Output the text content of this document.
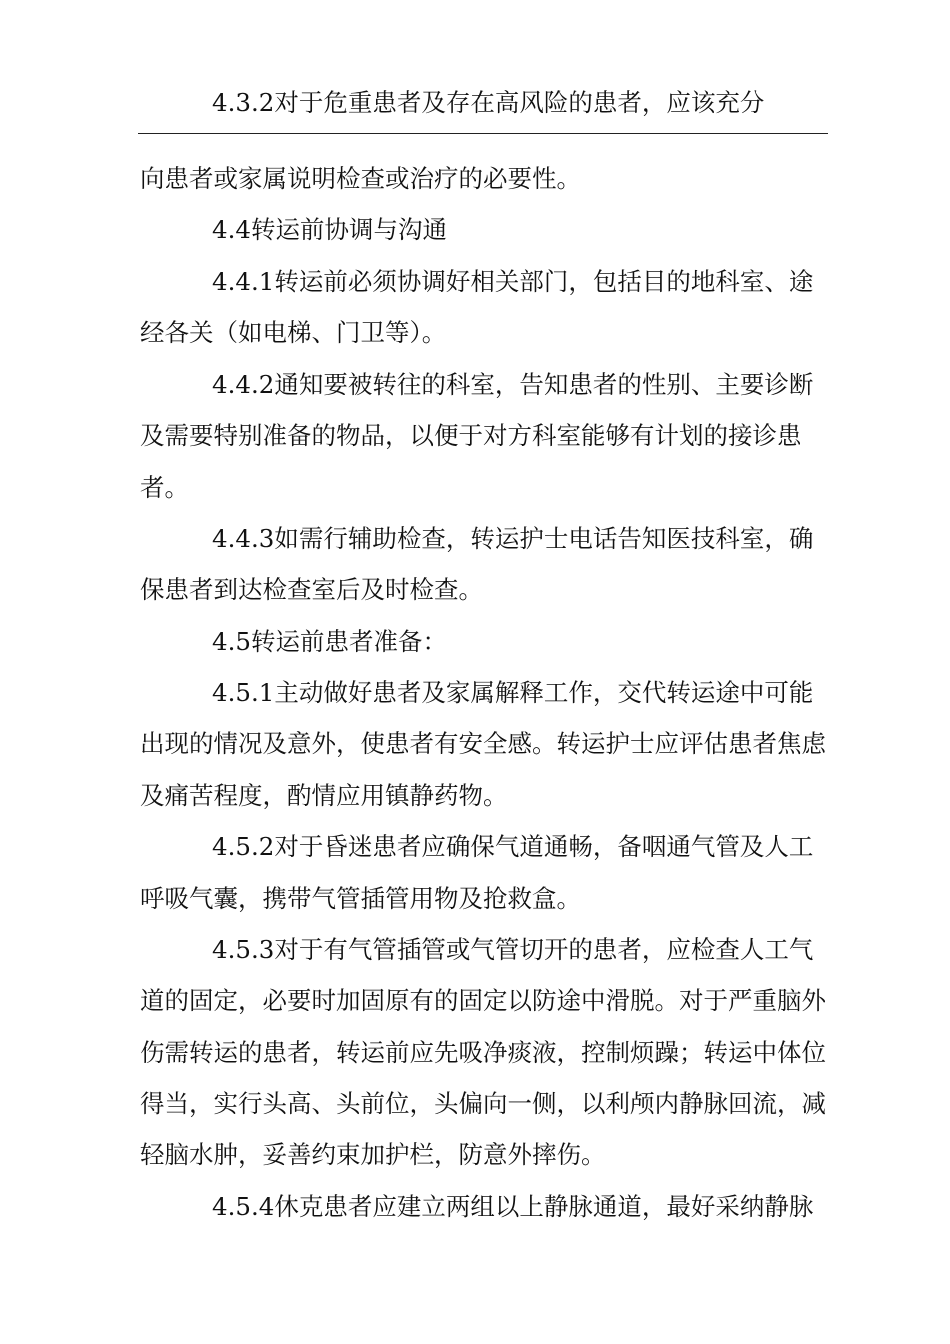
4.3.2对于危重患者及存在高风险的患者，应该充分
向患者或家属说明检查或治疗的必要性。
4.4转运前协调与沟通
4.4.1转运前必须协调好相关部门，包括目的地科室、途
经各关（如电梯、门卫等）。
4.4.2通知要被转往的科室，告知患者的性别、主要诊断
及需要特别准备的物品，以便于对方科室能够有计划的接诊患
者。
4.4.3如需行辅助检查，转运护士电话告知医技科室，确
保患者到达检查室后及时检查。
4.5转运前患者准备：
4.5.1主动做好患者及家属解释工作，交代转运途中可能
出现的情况及意外，使患者有安全感。转运护士应评估患者焦虑
及痛苦程度，酌情应用镇静药物。
4.5.2对于昏迷患者应确保气道通畅，备咽通气管及人工
呼吸气囊，携带气管插管用物及抢救盒。
4.5.3对于有气管插管或气管切开的患者，应检查人工气
道的固定，必要时加固原有的固定以防途中滑脱。对于严重脑外
伤需转运的患者，转运前应先吸净痰液，控制烦躁；转运中体位
得当，实行头高、头前位，头偏向一侧，以利颅内静脉回流，减
轻脑水肿，妥善约束加护栏，防意外摔伤。
4.5.4休克患者应建立两组以上静脉通道，最好采纳静脉
